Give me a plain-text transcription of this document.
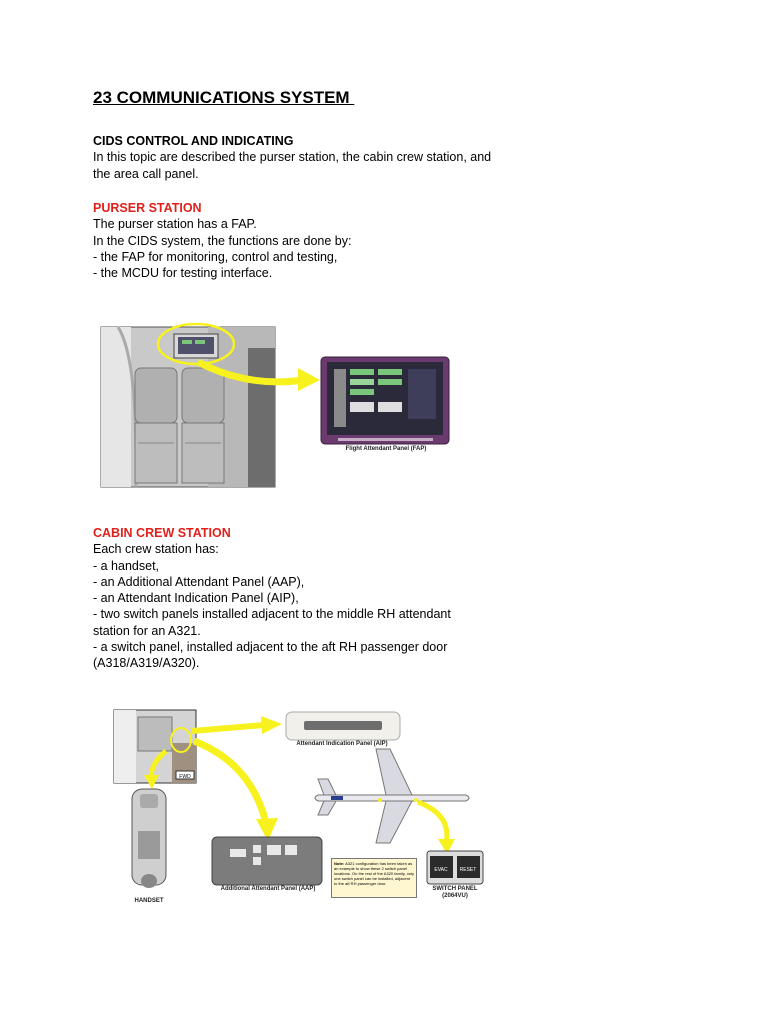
23 COMMUNICATIONS SYSTEM

CIDS CONTROL AND INDICATING

In this topic are described the purser station, the cabin crew station, and

the area call panel.

PURSER STATION

The purser station has a FAP.

In the CIDS system, the functions are done by:

- the FAP for monitoring, control and testing,

- the MCDU for testing interface.

Flight Attendant Panel (FAP)

CABIN CREW STATION

Each crew station has:

- a handset,

- an Additional Attendant Panel (AAP),

- an Attendant Indication Panel (AIP),

- two switch panels installed adjacent to the middle RH attendant

station for an A321.

- a switch panel, installed adjacent to the aft RH passenger door

(A318/A319/A320).

FWD
EVAC RESET
Attendant Indication Panel (AIP)
Additional Attendant Panel (AAP)
HANDSET
SWITCH PANEL
(2064VU)
Note: A321 configuration has been taken as an example to show these 2 switch panel locations. On the rest of the A320 family, only one switch panel can be installed, adjacent to the aft RH passenger door.
